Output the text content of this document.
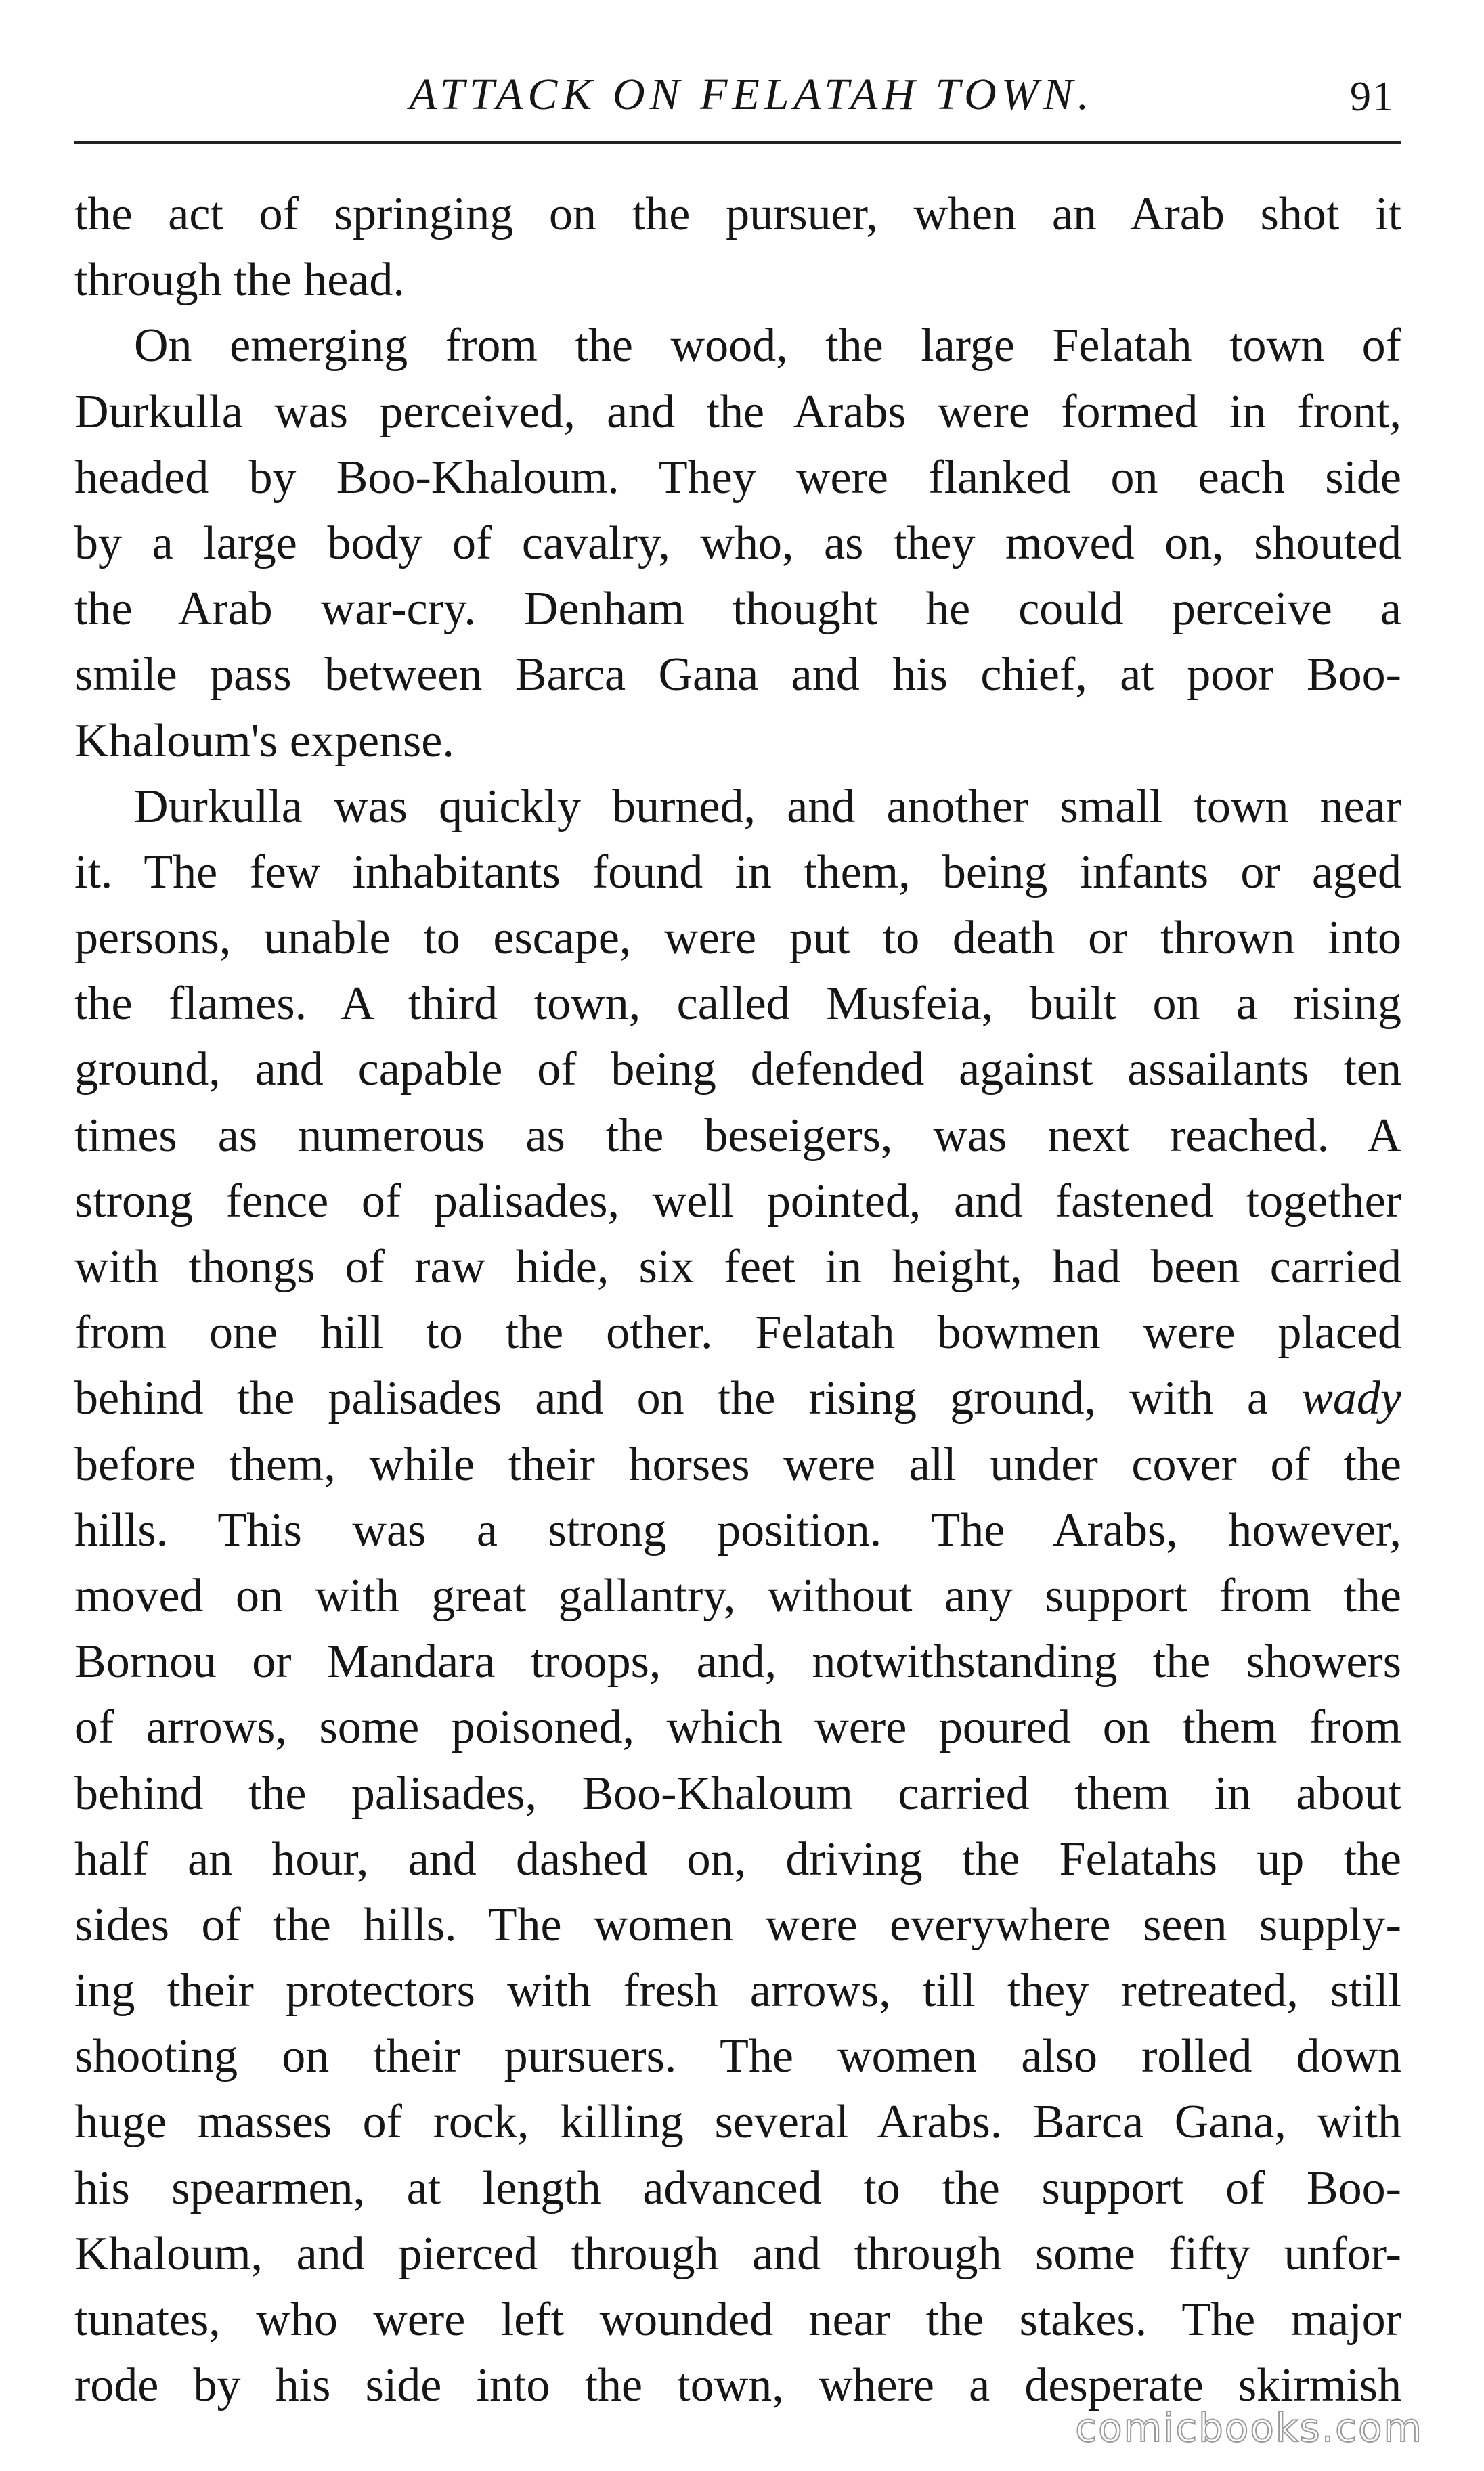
ATTACK ON FELATAH TOWN.	91
the act of springing on the pursuer, when an Arab shot it
through the head.
On emerging from the wood, the large Felatah town of
Durkulla was perceived, and the Arabs were formed in front,
headed by Boo-Khaloum. They were flanked on each side
by a large body of cavalry, who, as they moved on, shouted
the Arab war-cry. Denham thought he could perceive a
smile pass between Barca Gana and his chief, at poor Boo-
Khaloum's expense.
Durkulla was quickly burned, and another small town near
it. The few inhabitants found in them, being infants or aged
persons, unable to escape, were put to death or thrown into
the flames. A third town, called Musfeia, built on a rising
ground, and capable of being defended against assailants ten
times as numerous as the beseigers, was next reached. A
strong fence of palisades, well pointed, and fastened together
with thongs of raw hide, six feet in height, had been carried
from one hill to the other. Felatah bowmen were placed
behind the palisades and on the rising ground, with a wady
before them, while their horses were all under cover of the
hills. This was a strong position. The Arabs, however,
moved on with great gallantry, without any support from the
Bornou or Mandara troops, and, notwithstanding the showers
of arrows, some poisoned, which were poured on them from
behind the palisades, Boo-Khaloum carried them in about
half an hour, and dashed on, driving the Felatahs up the
sides of the hills. The women were everywhere seen supply-
ing their protectors with fresh arrows, till they retreated, still
shooting on their pursuers. The women also rolled down
huge masses of rock, killing several Arabs. Barca Gana, with
his spearmen, at length advanced to the support of Boo-
Khaloum, and pierced through and through some fifty unfor-
tunates, who were left wounded near the stakes. The major
rode by his side into the town, where a desperate skirmish
comicbooks.com
